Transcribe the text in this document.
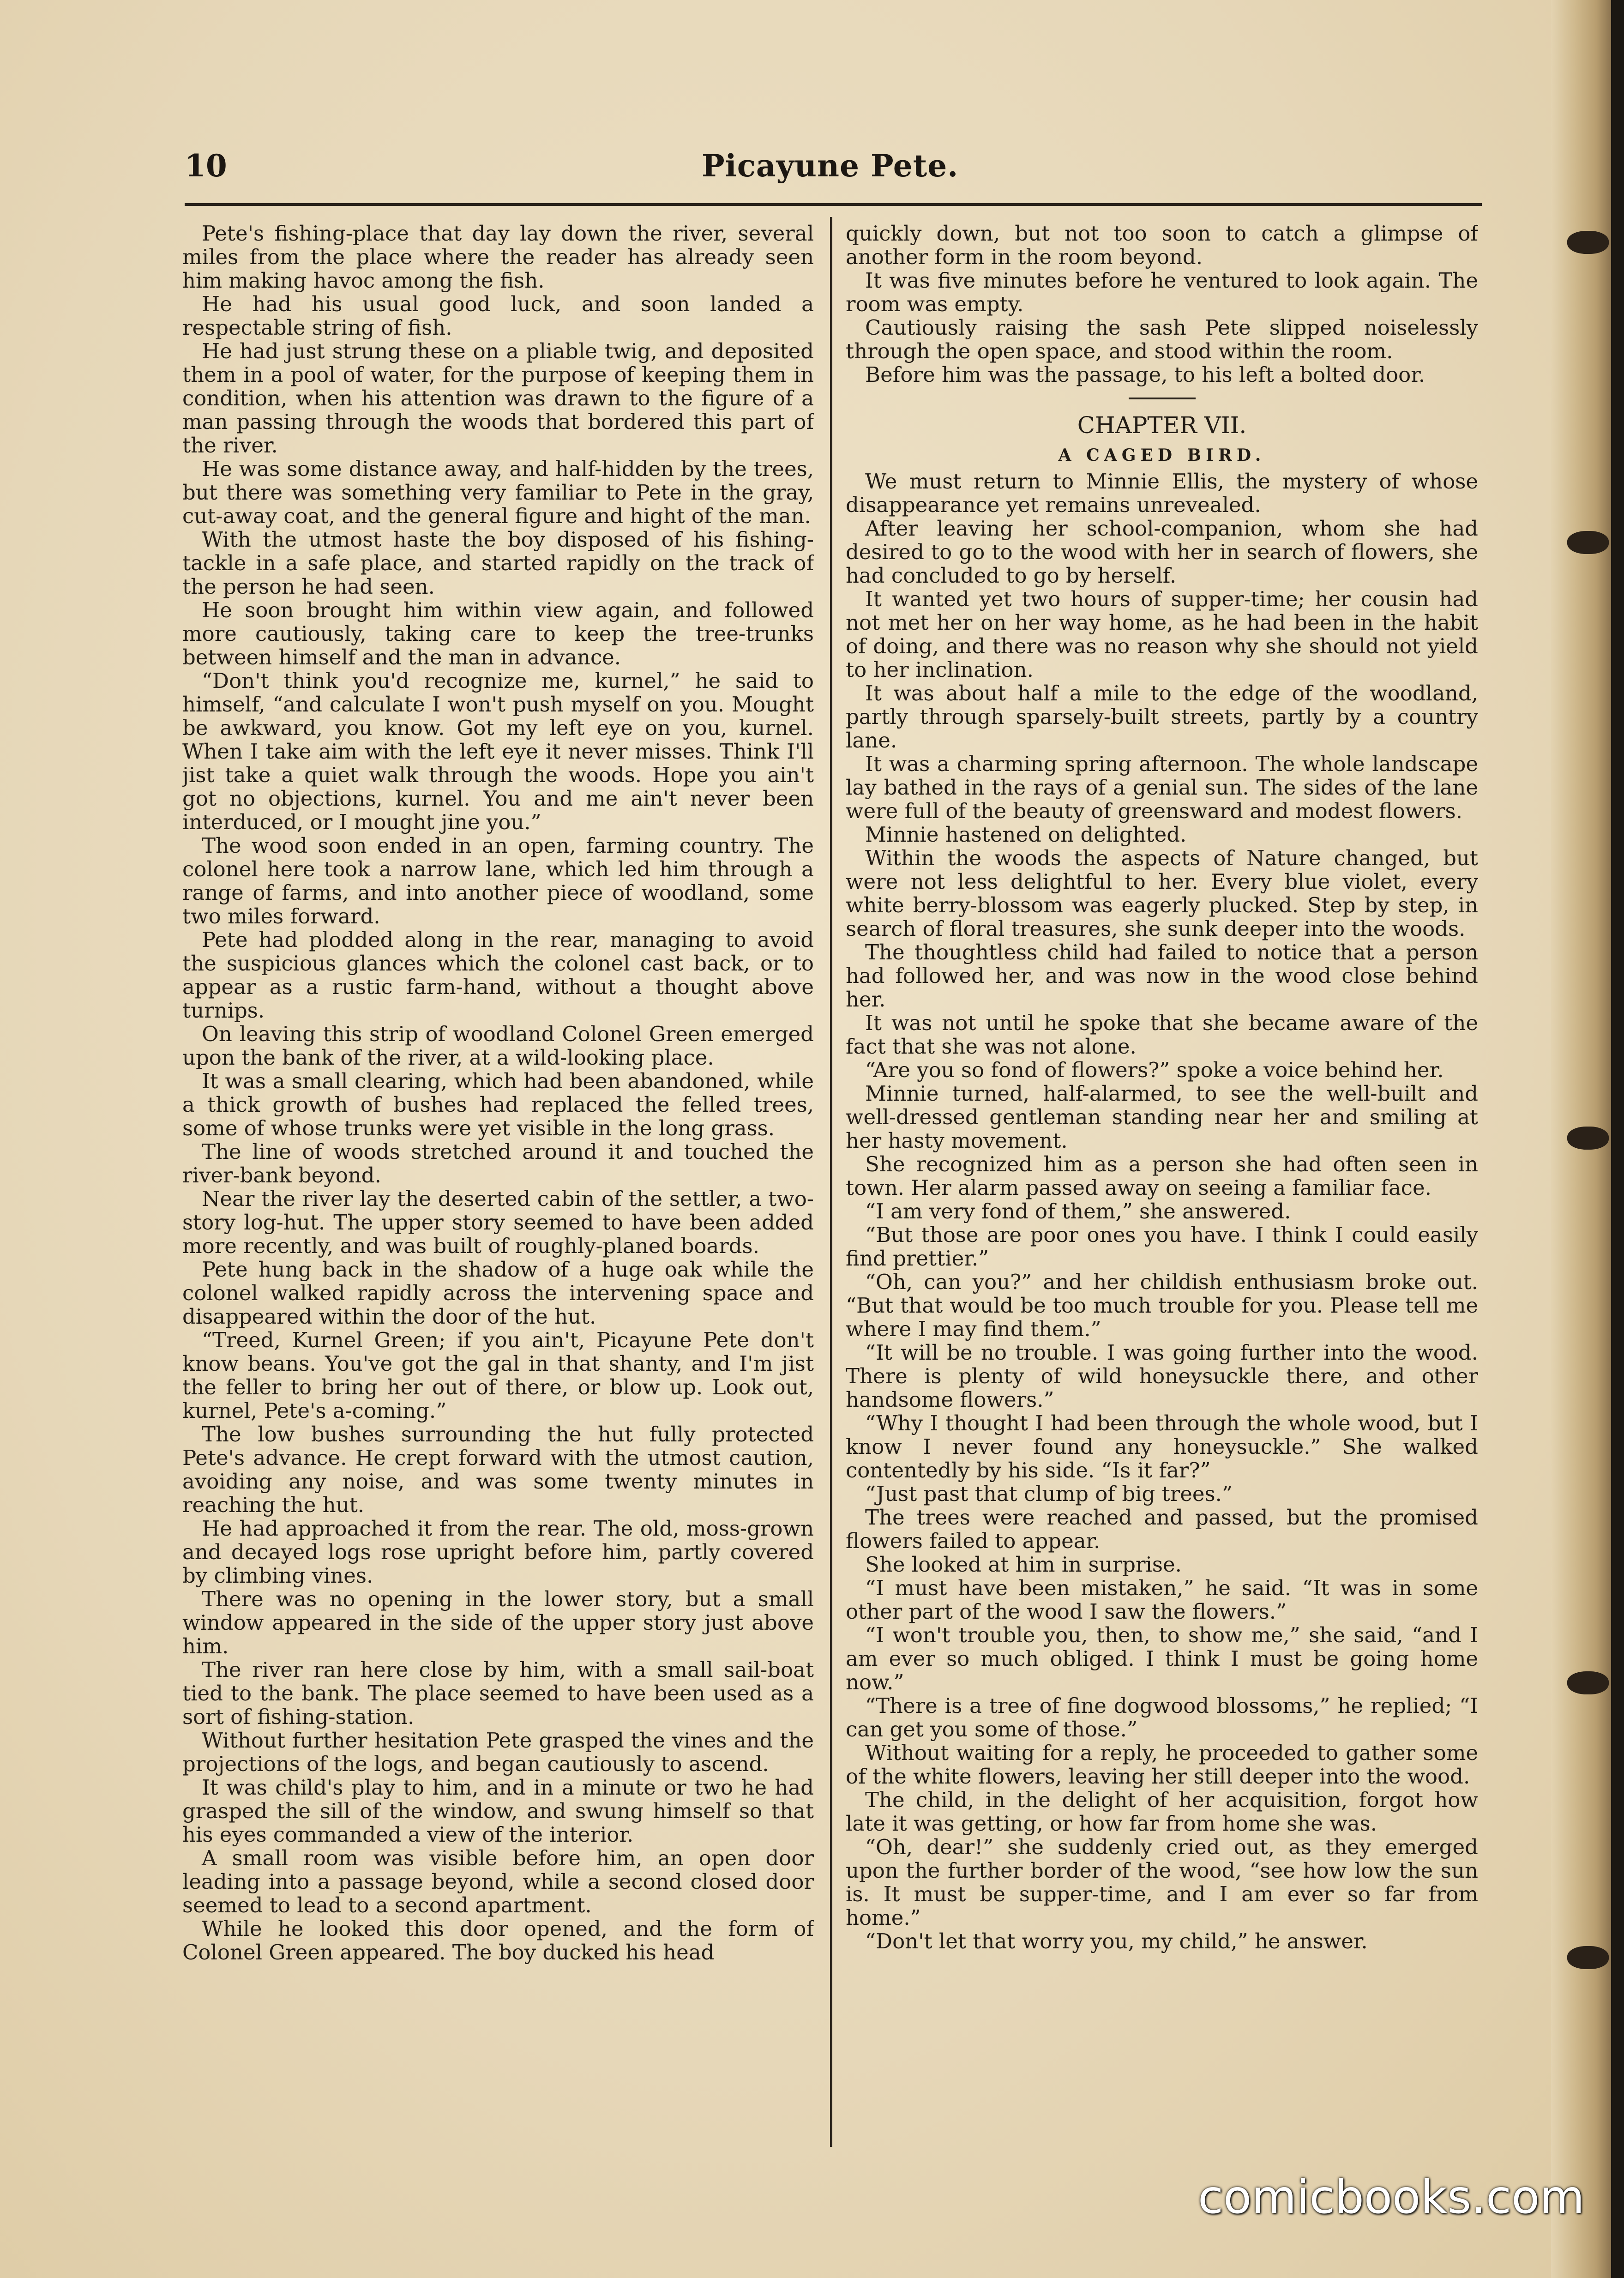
10	Picayune Pete.

Pete's fishing-place that day lay down the river, several miles from the place where the reader has already seen him making havoc among the fish.

He had his usual good luck, and soon landed a respectable string of fish.

He had just strung these on a pliable twig, and deposited them in a pool of water, for the purpose of keeping them in condition, when his attention was drawn to the figure of a man passing through the woods that bordered this part of the river.

He was some distance away, and half-hidden by the trees, but there was something very familiar to Pete in the gray, cut-away coat, and the general figure and hight of the man.

With the utmost haste the boy disposed of his fishing-tackle in a safe place, and started rapidly on the track of the person he had seen.

He soon brought him within view again, and followed more cautiously, taking care to keep the tree-trunks between himself and the man in advance.

“Don't think you'd recognize me, kurnel,” he said to himself, “and calculate I won't push myself on you. Mought be awkward, you know. Got my left eye on you, kurnel. When I take aim with the left eye it never misses. Think I'll jist take a quiet walk through the woods. Hope you ain't got no objections, kurnel. You and me ain't never been interduced, or I mought jine you.”

The wood soon ended in an open, farming country. The colonel here took a narrow lane, which led him through a range of farms, and into another piece of woodland, some two miles forward.

Pete had plodded along in the rear, managing to avoid the suspicious glances which the colonel cast back, or to appear as a rustic farm-hand, without a thought above turnips.

On leaving this strip of woodland Colonel Green emerged upon the bank of the river, at a wild-looking place.

It was a small clearing, which had been abandoned, while a thick growth of bushes had replaced the felled trees, some of whose trunks were yet visible in the long grass.

The line of woods stretched around it and touched the river-bank beyond.

Near the river lay the deserted cabin of the settler, a two-story log-hut. The upper story seemed to have been added more recently, and was built of roughly-planed boards.

Pete hung back in the shadow of a huge oak while the colonel walked rapidly across the intervening space and disappeared within the door of the hut.

“Treed, Kurnel Green; if you ain't, Picayune Pete don't know beans. You've got the gal in that shanty, and I'm jist the feller to bring her out of there, or blow up. Look out, kurnel, Pete's a-coming.”

The low bushes surrounding the hut fully protected Pete's advance. He crept forward with the utmost caution, avoiding any noise, and was some twenty minutes in reaching the hut.

He had approached it from the rear. The old, moss-grown and decayed logs rose upright before him, partly covered by climbing vines.

There was no opening in the lower story, but a small window appeared in the side of the upper story just above him.

The river ran here close by him, with a small sail-boat tied to the bank. The place seemed to have been used as a sort of fishing-station.

Without further hesitation Pete grasped the vines and the projections of the logs, and began cautiously to ascend.

It was child's play to him, and in a minute or two he had grasped the sill of the window, and swung himself so that his eyes commanded a view of the interior.

A small room was visible before him, an open door leading into a passage beyond, while a second closed door seemed to lead to a second apartment.

While he looked this door opened, and the form of Colonel Green appeared. The boy ducked his head

quickly down, but not too soon to catch a glimpse of another form in the room beyond.

It was five minutes before he ventured to look again. The room was empty.

Cautiously raising the sash Pete slipped noiselessly through the open space, and stood within the room.

Before him was the passage, to his left a bolted door.

CHAPTER VII.

A CAGED BIRD.

We must return to Minnie Ellis, the mystery of whose disappearance yet remains unrevealed.

After leaving her school-companion, whom she had desired to go to the wood with her in search of flowers, she had concluded to go by herself.

It wanted yet two hours of supper-time; her cousin had not met her on her way home, as he had been in the habit of doing, and there was no reason why she should not yield to her inclination.

It was about half a mile to the edge of the woodland, partly through sparsely-built streets, partly by a country lane.

It was a charming spring afternoon. The whole landscape lay bathed in the rays of a genial sun. The sides of the lane were full of the beauty of greensward and modest flowers.

Minnie hastened on delighted.

Within the woods the aspects of Nature changed, but were not less delightful to her. Every blue violet, every white berry-blossom was eagerly plucked. Step by step, in search of floral treasures, she sunk deeper into the woods.

The thoughtless child had failed to notice that a person had followed her, and was now in the wood close behind her.

It was not until he spoke that she became aware of the fact that she was not alone.

“Are you so fond of flowers?” spoke a voice behind her.

Minnie turned, half-alarmed, to see the well-built and well-dressed gentleman standing near her and smiling at her hasty movement.

She recognized him as a person she had often seen in town. Her alarm passed away on seeing a familiar face.

“I am very fond of them,” she answered.

“But those are poor ones you have. I think I could easily find prettier.”

“Oh, can you?” and her childish enthusiasm broke out. “But that would be too much trouble for you. Please tell me where I may find them.”

“It will be no trouble. I was going further into the wood. There is plenty of wild honeysuckle there, and other handsome flowers.”

“Why I thought I had been through the whole wood, but I know I never found any honeysuckle.” She walked contentedly by his side. “Is it far?”

“Just past that clump of big trees.”

The trees were reached and passed, but the promised flowers failed to appear.

She looked at him in surprise.

“I must have been mistaken,” he said. “It was in some other part of the wood I saw the flowers.”

“I won't trouble you, then, to show me,” she said, “and I am ever so much obliged. I think I must be going home now.”

“There is a tree of fine dogwood blossoms,” he replied; “I can get you some of those.”

Without waiting for a reply, he proceeded to gather some of the white flowers, leaving her still deeper into the wood.

The child, in the delight of her acquisition, forgot how late it was getting, or how far from home she was.

“Oh, dear!” she suddenly cried out, as they emerged upon the further border of the wood, “see how low the sun is. It must be supper-time, and I am ever so far from home.”

“Don't let that worry you, my child,” he answer.

comicbooks.com
